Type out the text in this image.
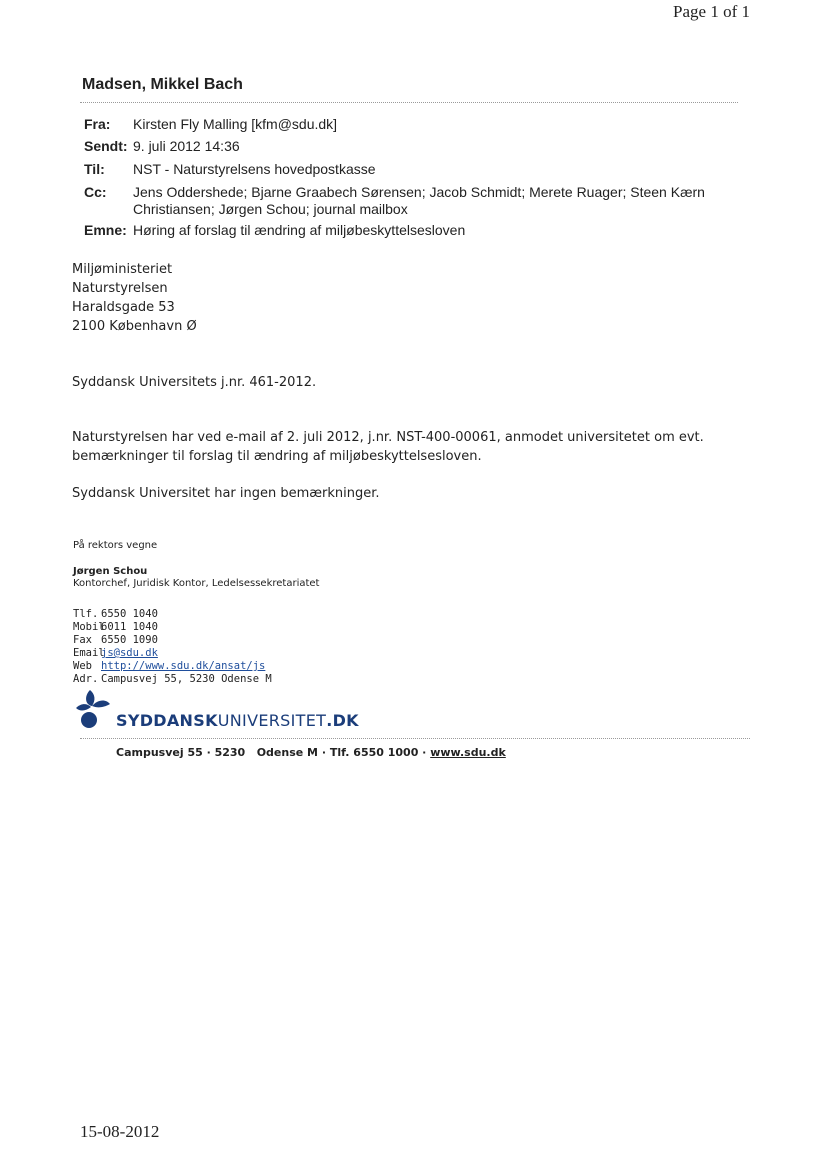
Page 1 of 1
Madsen, Mikkel Bach
Fra: Kirsten Fly Malling [kfm@sdu.dk]
Sendt: 9. juli 2012 14:36
Til: NST - Naturstyrelsens hovedpostkasse
Cc: Jens Oddershede; Bjarne Graabech Sørensen; Jacob Schmidt; Merete Ruager; Steen Kærn Christiansen; Jørgen Schou; journal mailbox
Emne: Høring af forslag til ændring af miljøbeskyttelsesloven
Miljøministeriet
Naturstyrelsen
Haraldsgade 53
2100 København Ø
Syddansk Universitets j.nr. 461-2012.
Naturstyrelsen har ved e-mail af 2. juli 2012, j.nr. NST-400-00061, anmodet universitetet om evt. bemærkninger til forslag til ændring af miljøbeskyttelsesloven.
Syddansk Universitet har ingen bemærkninger.
På rektors vegne
Jørgen Schou
Kontorchef, Juridisk Kontor, Ledelsessekretariatet
Tlf. 6550 1040
Mobil6011 1040
Fax 6550 1090
Emailjs@sdu.dk
Web http://www.sdu.dk/ansat/js
Adr. Campusvej 55, 5230 Odense M
SYDDANSKUNIVERSITET.DK
Campusvej 55 · 5230   Odense M · Tlf. 6550 1000 · www.sdu.dk
15-08-2012
